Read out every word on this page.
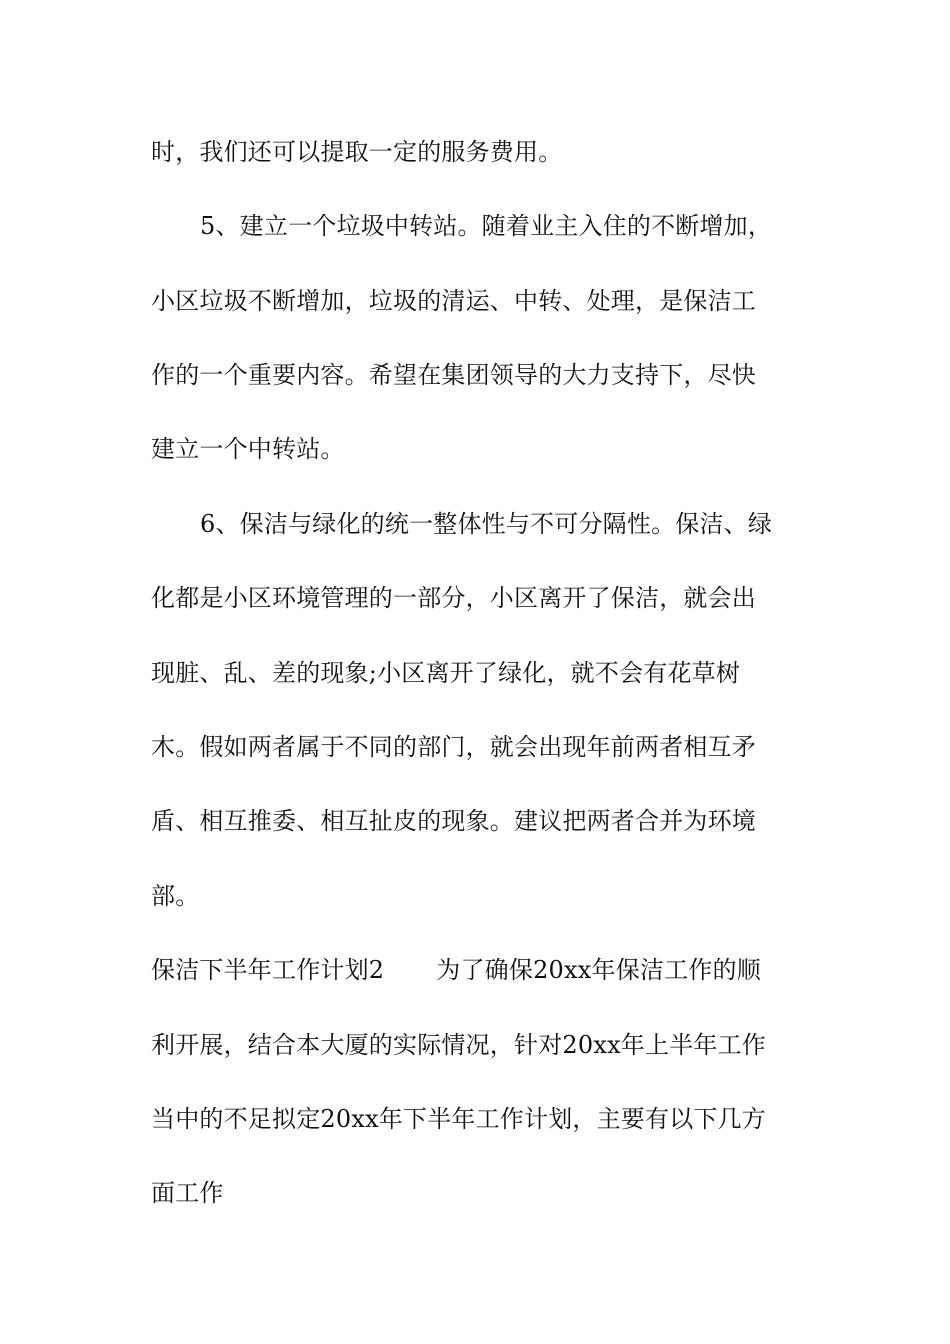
时，我们还可以提取一定的服务费用。
5、建立一个垃圾中转站。随着业主入住的不断增加，
小区垃圾不断增加，垃圾的清运、中转、处理，是保洁工
作的一个重要内容。希望在集团领导的大力支持下，尽快
建立一个中转站。
6、保洁与绿化的统一整体性与不可分隔性。保洁、绿
化都是小区环境管理的一部分，小区离开了保洁，就会出
现脏、乱、差的现象;小区离开了绿化，就不会有花草树
木。假如两者属于不同的部门，就会出现年前两者相互矛
盾、相互推委、相互扯皮的现象。建议把两者合并为环境
部。
保洁下半年工作计划2 为了确保20xx年保洁工作的顺
利开展，结合本大厦的实际情况，针对20xx年上半年工作
当中的不足拟定20xx年下半年工作计划，主要有以下几方
面工作
